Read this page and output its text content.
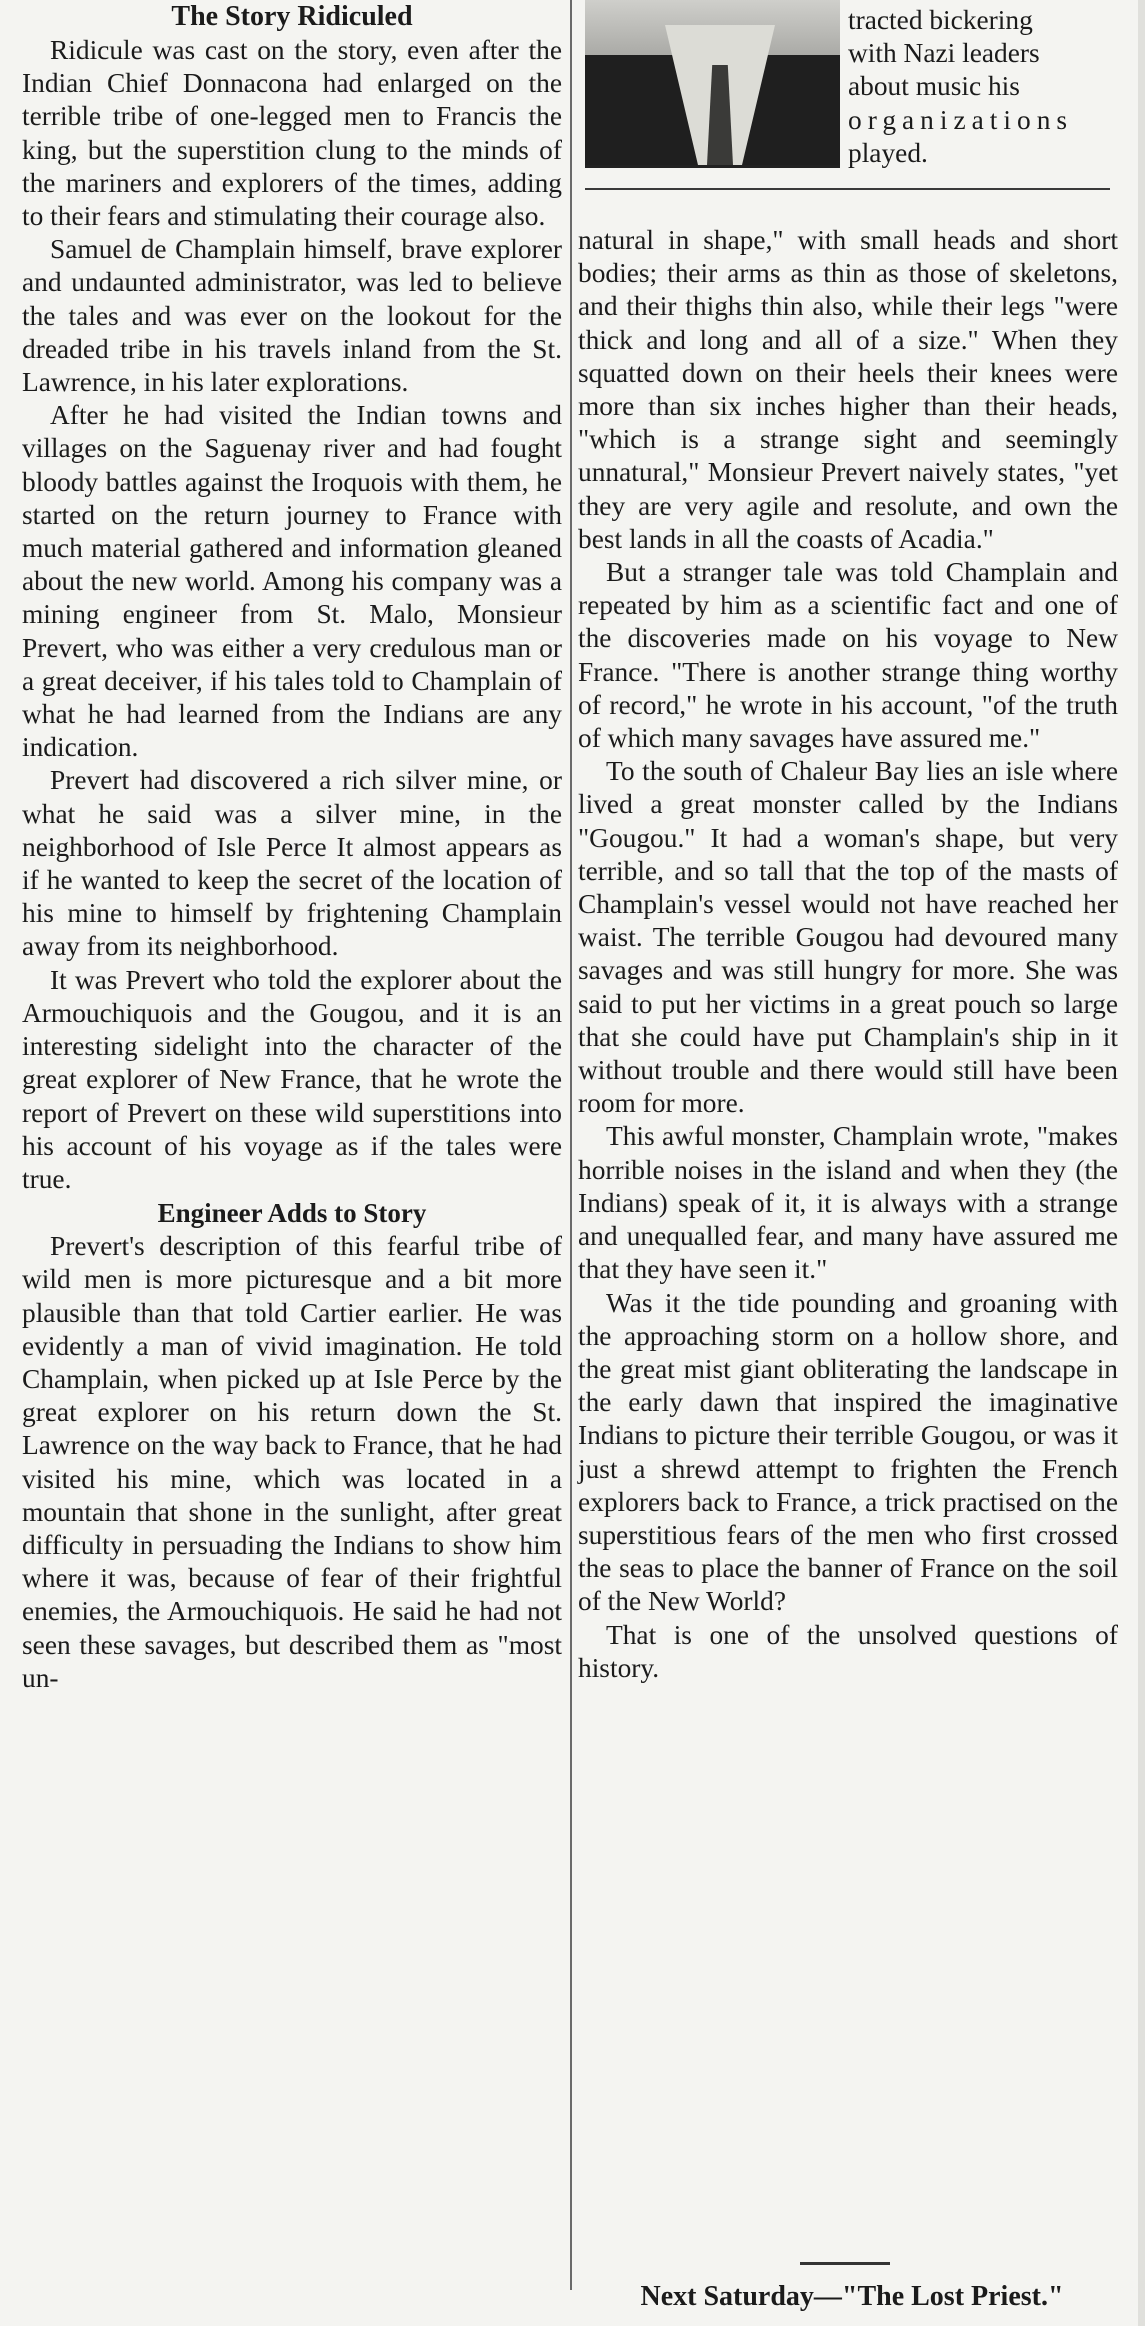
The Story Ridiculed

Ridicule was cast on the story, even after the Indian Chief Donnacona had enlarged on the terrible tribe of one-legged men to Francis the king, but the superstition clung to the minds of the mariners and explorers of the times, adding to their fears and stimulating their courage also.

Samuel de Champlain himself, brave explorer and undaunted administrator, was led to believe the tales and was ever on the lookout for the dreaded tribe in his travels inland from the St. Lawrence, in his later explorations.

After he had visited the Indian towns and villages on the Saguenay river and had fought bloody battles against the Iroquois with them, he started on the return journey to France with much material gathered and information gleaned about the new world. Among his company was a mining engineer from St. Malo, Monsieur Prevert, who was either a very credulous man or a great deceiver, if his tales told to Champlain of what he had learned from the Indians are any indication.

Prevert had discovered a rich silver mine, or what he said was a silver mine, in the neighborhood of Isle Perce It almost appears as if he wanted to keep the secret of the location of his mine to himself by frightening Champlain away from its neighborhood.

It was Prevert who told the explorer about the Armouchiquois and the Gougou, and it is an interesting sidelight into the character of the great explorer of New France, that he wrote the report of Prevert on these wild superstitions into his account of his voyage as if the tales were true.

Engineer Adds to Story

Prevert's description of this fearful tribe of wild men is more picturesque and a bit more plausible than that told Cartier earlier. He was evidently a man of vivid imagination. He told Champlain, when picked up at Isle Perce by the great explorer on his return down the St. Lawrence on the way back to France, that he had visited his mine, which was located in a mountain that shone in the sunlight, after great difficulty in persuading the Indians to show him where it was, because of fear of their frightful enemies, the Armouchiquois. He said he had not seen these savages, but described them as "most un-

tracted bickering
with Nazi leaders
about music his
organizations
played.

natural in shape," with small heads and short bodies; their arms as thin as those of skeletons, and their thighs thin also, while their legs "were thick and long and all of a size." When they squatted down on their heels their knees were more than six inches higher than their heads, "which is a strange sight and seemingly unnatural," Monsieur Prevert naively states, "yet they are very agile and resolute, and own the best lands in all the coasts of Acadia."

But a stranger tale was told Champlain and repeated by him as a scientific fact and one of the discoveries made on his voyage to New France. "There is another strange thing worthy of record," he wrote in his account, "of the truth of which many savages have assured me."

To the south of Chaleur Bay lies an isle where lived a great monster called by the Indians "Gougou." It had a woman's shape, but very terrible, and so tall that the top of the masts of Champlain's vessel would not have reached her waist. The terrible Gougou had devoured many savages and was still hungry for more. She was said to put her victims in a great pouch so large that she could have put Champlain's ship in it without trouble and there would still have been room for more.

This awful monster, Champlain wrote, "makes horrible noises in the island and when they (the Indians) speak of it, it is always with a strange and unequalled fear, and many have assured me that they have seen it."

Was it the tide pounding and groaning with the approaching storm on a hollow shore, and the great mist giant obliterating the landscape in the early dawn that inspired the imaginative Indians to picture their terrible Gougou, or was it just a shrewd attempt to frighten the French explorers back to France, a trick practised on the superstitious fears of the men who first crossed the seas to place the banner of France on the soil of the New World?

That is one of the unsolved questions of history.

Next Saturday—"The Lost Priest."
